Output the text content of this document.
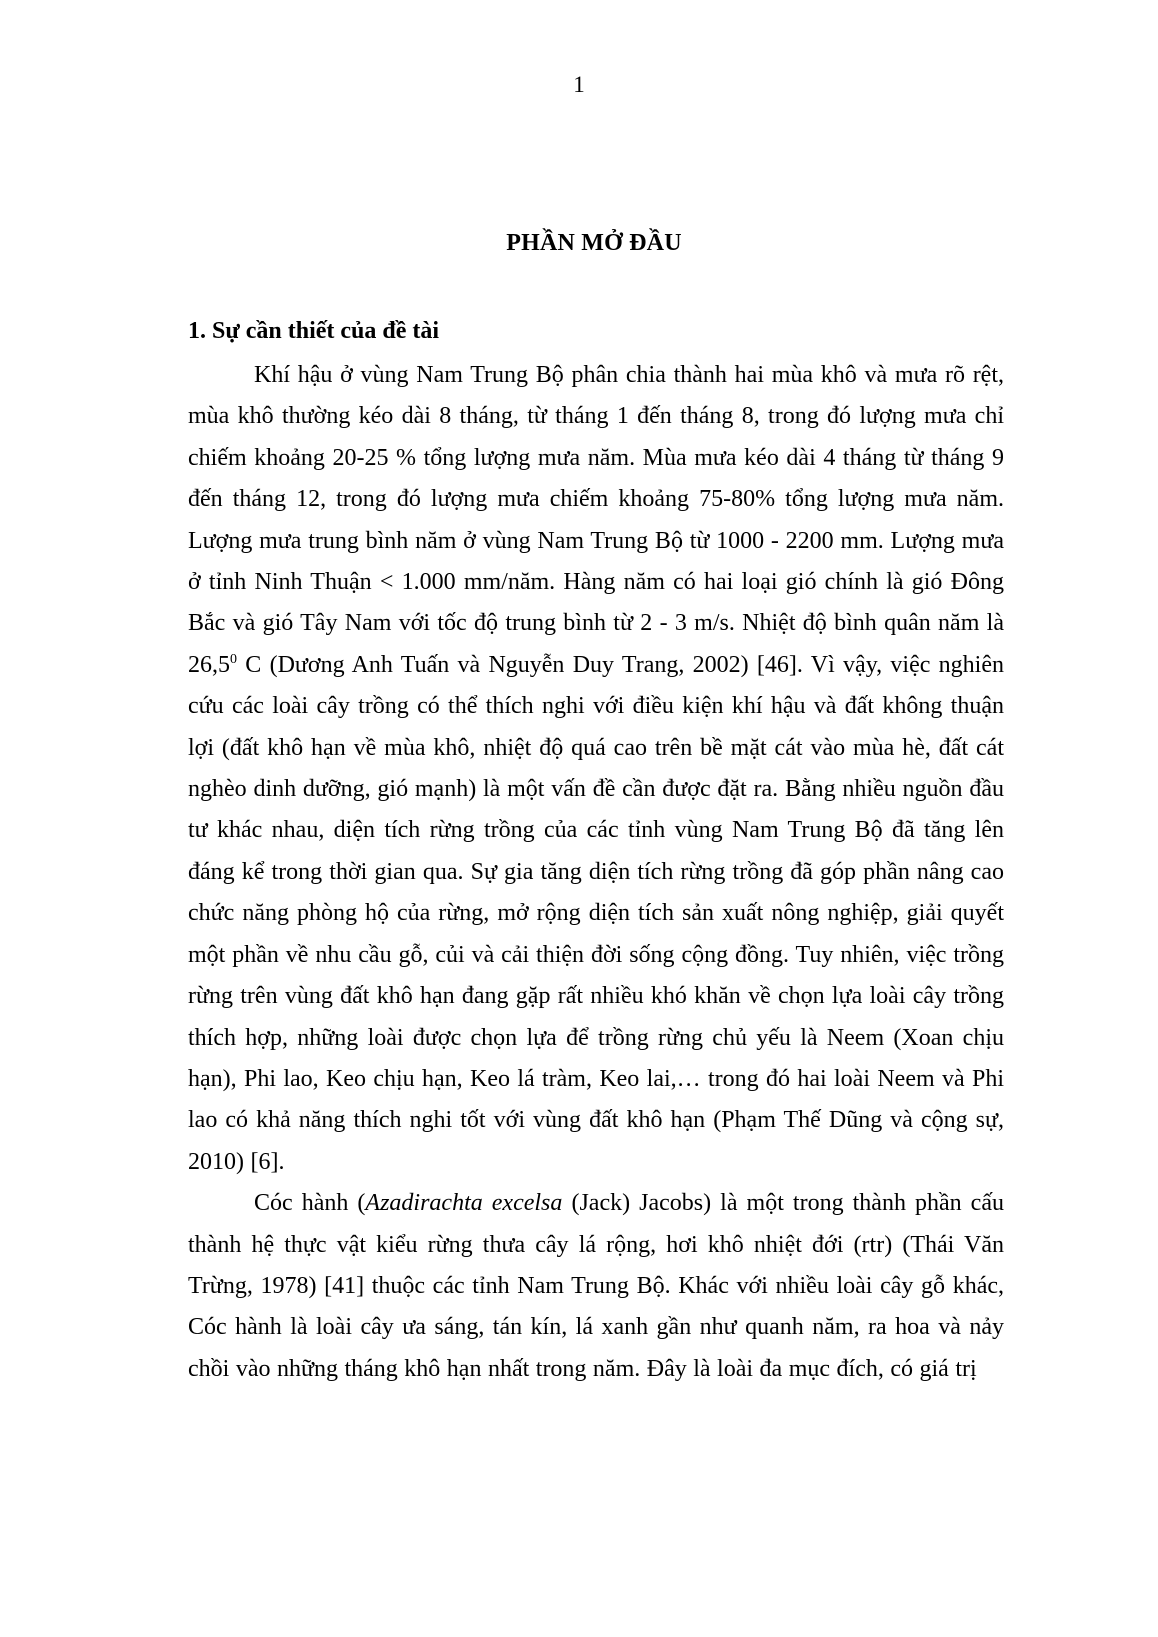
1
PHẦN MỞ ĐẦU
1. Sự cần thiết của đề tài

Khí hậu ở vùng Nam Trung Bộ phân chia thành hai mùa khô và mưa rõ rệt, mùa khô thường kéo dài 8 tháng, từ tháng 1 đến tháng 8, trong đó lượng mưa chỉ chiếm khoảng 20-25 % tổng lượng mưa năm. Mùa mưa kéo dài 4 tháng từ tháng 9 đến tháng 12, trong đó lượng mưa chiếm khoảng 75-80% tổng lượng mưa năm. Lượng mưa trung bình năm ở vùng Nam Trung Bộ từ 1000 - 2200 mm. Lượng mưa ở tỉnh Ninh Thuận < 1.000 mm/năm. Hàng năm có hai loại gió chính là gió Đông Bắc và gió Tây Nam với tốc độ trung bình từ 2 - 3 m/s. Nhiệt độ bình quân năm là 26,5$^0$ C (Dương Anh Tuấn và Nguyễn Duy Trang, 2002) [46]. Vì vậy, việc nghiên cứu các loài cây trồng có thể thích nghi với điều kiện khí hậu và đất không thuận lợi (đất khô hạn về mùa khô, nhiệt độ quá cao trên bề mặt cát vào mùa hè, đất cát nghèo dinh dưỡng, gió mạnh) là một vấn đề cần được đặt ra. Bằng nhiều nguồn đầu tư khác nhau, diện tích rừng trồng của các tỉnh vùng Nam Trung Bộ đã tăng lên đáng kể trong thời gian qua. Sự gia tăng diện tích rừng trồng đã góp phần nâng cao chức năng phòng hộ của rừng, mở rộng diện tích sản xuất nông nghiệp, giải quyết một phần về nhu cầu gỗ, củi và cải thiện đời sống cộng đồng. Tuy nhiên, việc trồng rừng trên vùng đất khô hạn đang gặp rất nhiều khó khăn về chọn lựa loài cây trồng thích hợp, những loài được chọn lựa để trồng rừng chủ yếu là Neem (Xoan chịu hạn), Phi lao, Keo chịu hạn, Keo lá tràm, Keo lai,… trong đó hai loài Neem và Phi lao có khả năng thích nghi tốt với vùng đất khô hạn (Phạm Thế Dũng và cộng sự, 2010) [6].

Cóc hành (Azadirachta excelsa (Jack) Jacobs) là một trong thành phần cấu thành hệ thực vật kiểu rừng thưa cây lá rộng, hơi khô nhiệt đới (rtr) (Thái Văn Trừng, 1978) [41] thuộc các tỉnh Nam Trung Bộ. Khác với nhiều loài cây gỗ khác, Cóc hành là loài cây ưa sáng, tán kín, lá xanh gần như quanh năm, ra hoa và nảy chồi vào những tháng khô hạn nhất trong năm. Đây là loài đa mục đích, có giá trị
